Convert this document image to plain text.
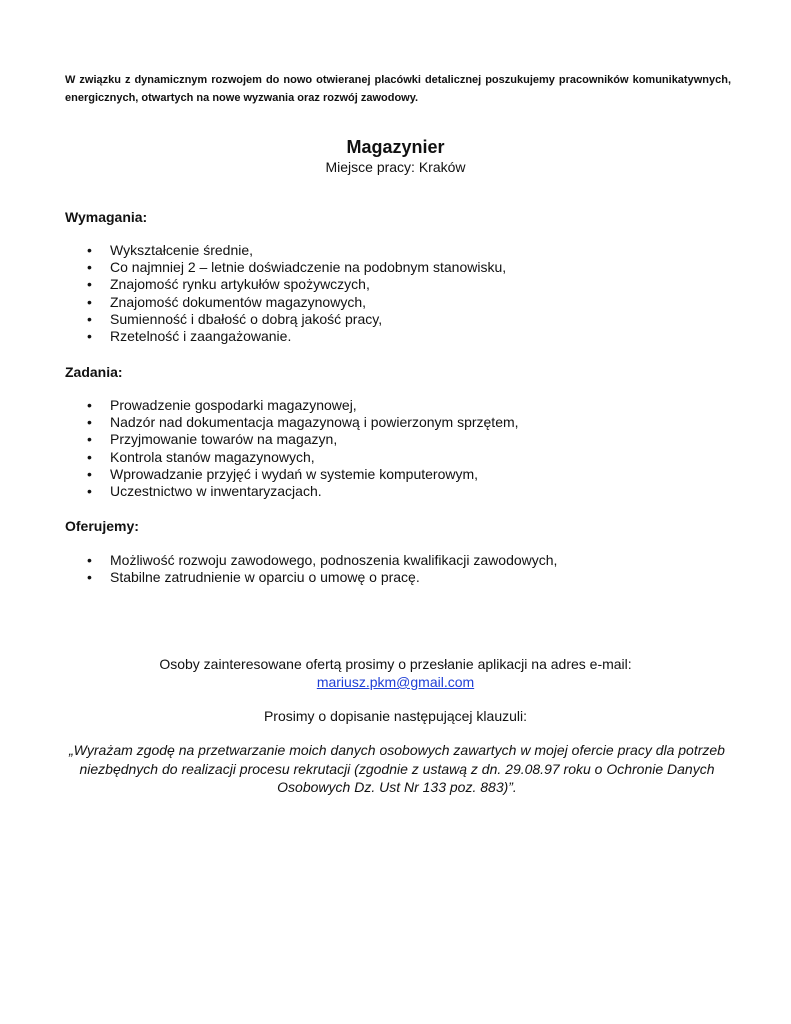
W związku z dynamicznym rozwojem do nowo otwieranej placówki detalicznej poszukujemy pracowników komunikatywnych, energicznych, otwartych na nowe wyzwania oraz rozwój zawodowy.
Magazynier
Miejsce pracy: Kraków
Wymagania:
• Wykształcenie średnie,
• Co najmniej 2 – letnie doświadczenie na podobnym stanowisku,
• Znajomość rynku artykułów spożywczych,
• Znajomość dokumentów magazynowych,
• Sumienność i dbałość o dobrą jakość pracy,
• Rzetelność i zaangażowanie.
Zadania:
• Prowadzenie gospodarki magazynowej,
• Nadzór nad dokumentacja magazynową i powierzonym sprzętem,
• Przyjmowanie towarów na magazyn,
• Kontrola stanów magazynowych,
• Wprowadzanie przyjęć i wydań w systemie komputerowym,
• Uczestnictwo w inwentaryzacjach.
Oferujemy:
• Możliwość rozwoju zawodowego, podnoszenia kwalifikacji zawodowych,
• Stabilne zatrudnienie w oparciu o umowę o pracę.
Osoby zainteresowane ofertą prosimy o przesłanie aplikacji na adres e-mail:
mariusz.pkm@gmail.com
Prosimy o dopisanie następującej klauzuli:
„Wyrażam zgodę na przetwarzanie moich danych osobowych zawartych w mojej ofercie pracy dla potrzeb niezbędnych do realizacji procesu rekrutacji (zgodnie z ustawą z dn. 29.08.97 roku o Ochronie Danych Osobowych Dz. Ust Nr 133 poz. 883)”.
